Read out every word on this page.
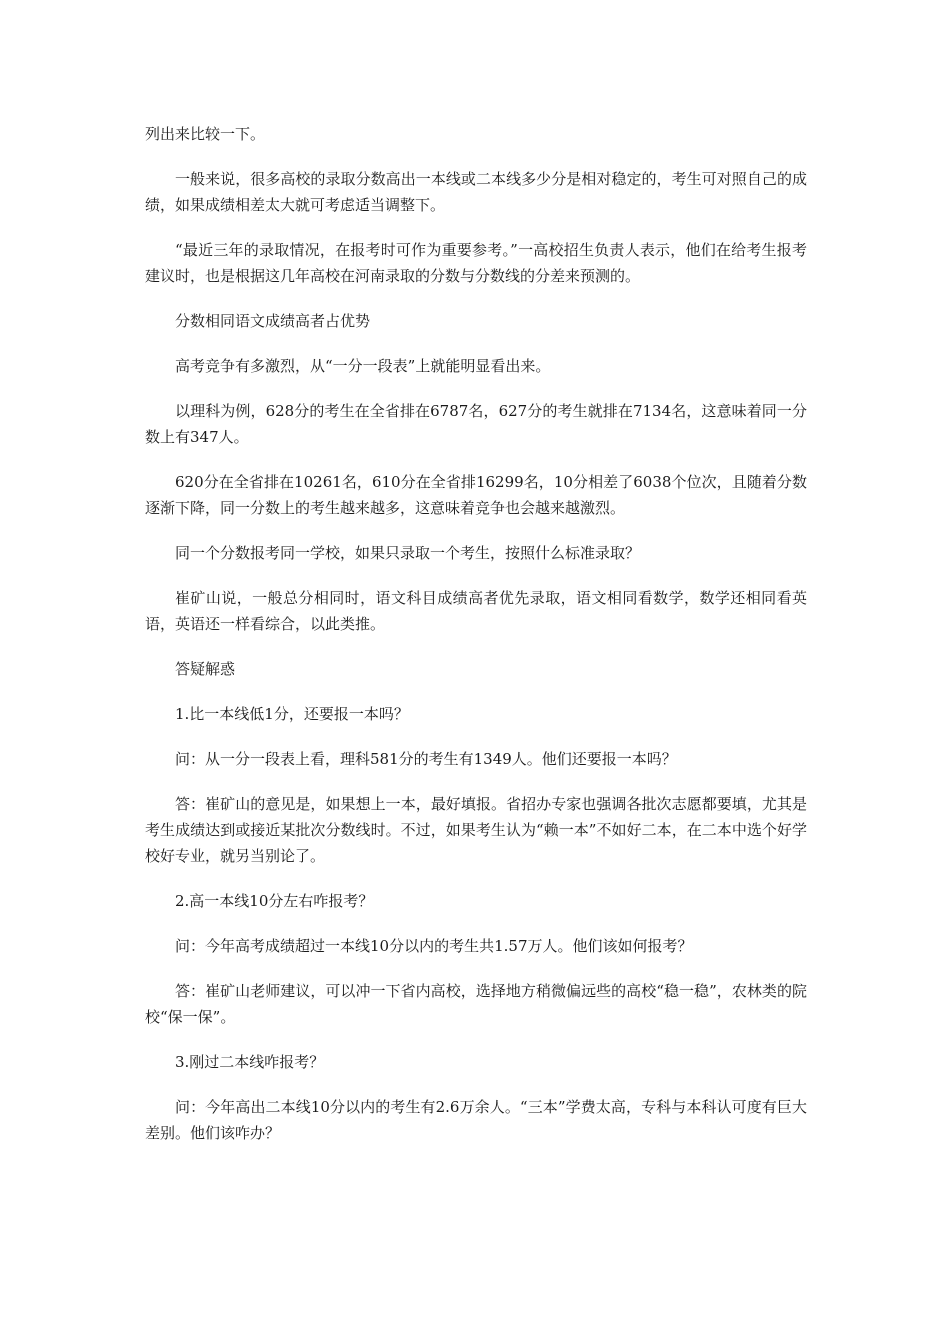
列出来比较一下。

一般来说，很多高校的录取分数高出一本线或二本线多少分是相对稳定的，考生可对照自己的成绩，如果成绩相差太大就可考虑适当调整下。

“最近三年的录取情况，在报考时可作为重要参考。”一高校招生负责人表示，他们在给考生报考建议时，也是根据这几年高校在河南录取的分数与分数线的分差来预测的。

分数相同语文成绩高者占优势

高考竞争有多激烈，从“一分一段表”上就能明显看出来。

以理科为例，628分的考生在全省排在6787名，627分的考生就排在7134名，这意味着同一分数上有347人。

620分在全省排在10261名，610分在全省排16299名，10分相差了6038个位次，且随着分数逐渐下降，同一分数上的考生越来越多，这意味着竞争也会越来越激烈。

同一个分数报考同一学校，如果只录取一个考生，按照什么标准录取？

崔矿山说，一般总分相同时，语文科目成绩高者优先录取，语文相同看数学，数学还相同看英语，英语还一样看综合，以此类推。

答疑解惑

1.比一本线低1分，还要报一本吗？

问：从一分一段表上看，理科581分的考生有1349人。他们还要报一本吗？

答：崔矿山的意见是，如果想上一本，最好填报。省招办专家也强调各批次志愿都要填，尤其是考生成绩达到或接近某批次分数线时。不过，如果考生认为“赖一本”不如好二本，在二本中选个好学校好专业，就另当别论了。

2.高一本线10分左右咋报考？

问：今年高考成绩超过一本线10分以内的考生共1.57万人。他们该如何报考？

答：崔矿山老师建议，可以冲一下省内高校，选择地方稍微偏远些的高校“稳一稳”，农林类的院校“保一保”。

3.刚过二本线咋报考？

问：今年高出二本线10分以内的考生有2.6万余人。“三本”学费太高，专科与本科认可度有巨大差别。他们该咋办？
